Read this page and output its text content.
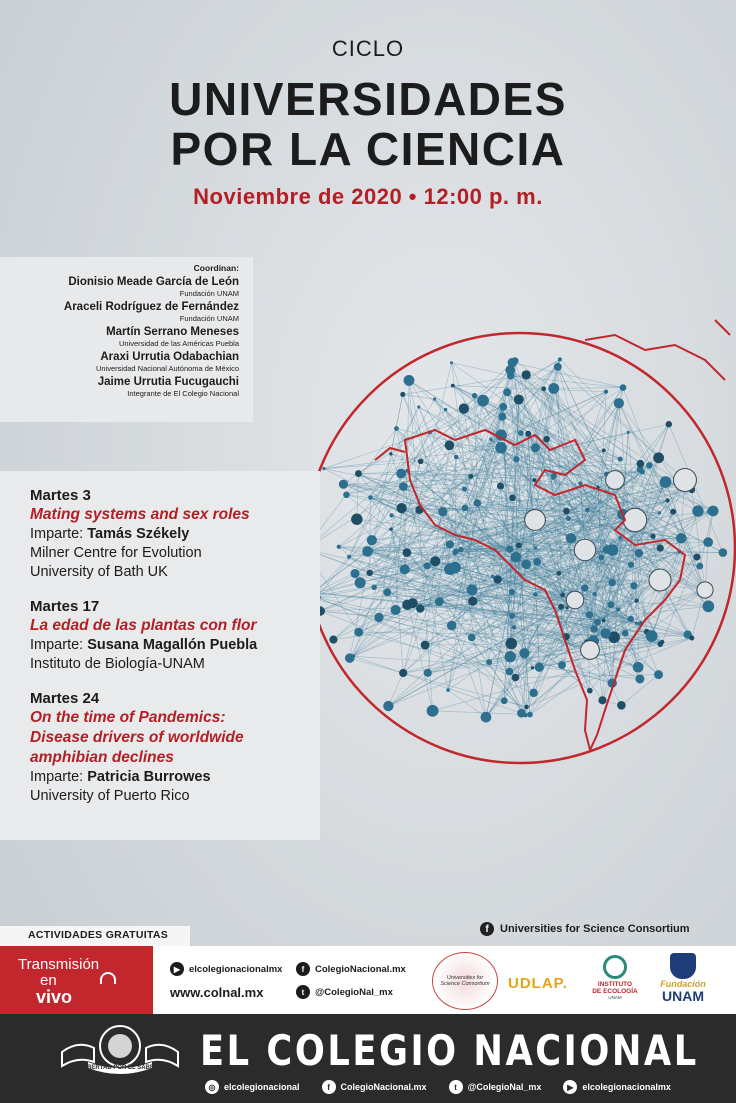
CICLO
UNIVERSIDADES
POR LA CIENCIA
Noviembre de 2020 • 12:00 p. m.
Coordinan:
Dionisio Meade García de León
Fundación UNAM
Araceli Rodríguez de Fernández
Fundación UNAM
Martín Serrano Meneses
Universidad de las Américas Puebla
Araxi Urrutia Odabachian
Universidad Nacional Autónoma de México
Jaime Urrutia Fucugauchi
Integrante de El Colegio Nacional
Martes 3
Mating systems and sex roles
Imparte: Tamás Székely
Milner Centre for Evolution
University of Bath UK
Martes 17
La edad de las plantas con flor
Imparte: Susana Magallón Puebla
Instituto de Biología-UNAM
Martes 24
On the time of Pandemics:
Disease drivers of worldwide
amphibian declines
Imparte: Patricia Burrowes
University of Puerto Rico
ACTIVIDADES GRATUITAS	f	Universities for Science Consortium
Transmisión
en
vivo
▶ elcolegionacionalmx	f	ColegioNacional.mx
t	@ColegioNal_mx
www.colnal.mx
Universities for Science Consortium UDLAP.	INSTITUTO
DE ECOLOGÍA
UNAM
Fundación
UNAM
LIBERTAD POR EL SABER EL COLEGIO NACIONAL
◎ elcolegionacional	f	ColegioNacional.mx	t	@ColegioNal_mx	▶ elcolegionacionalmx
